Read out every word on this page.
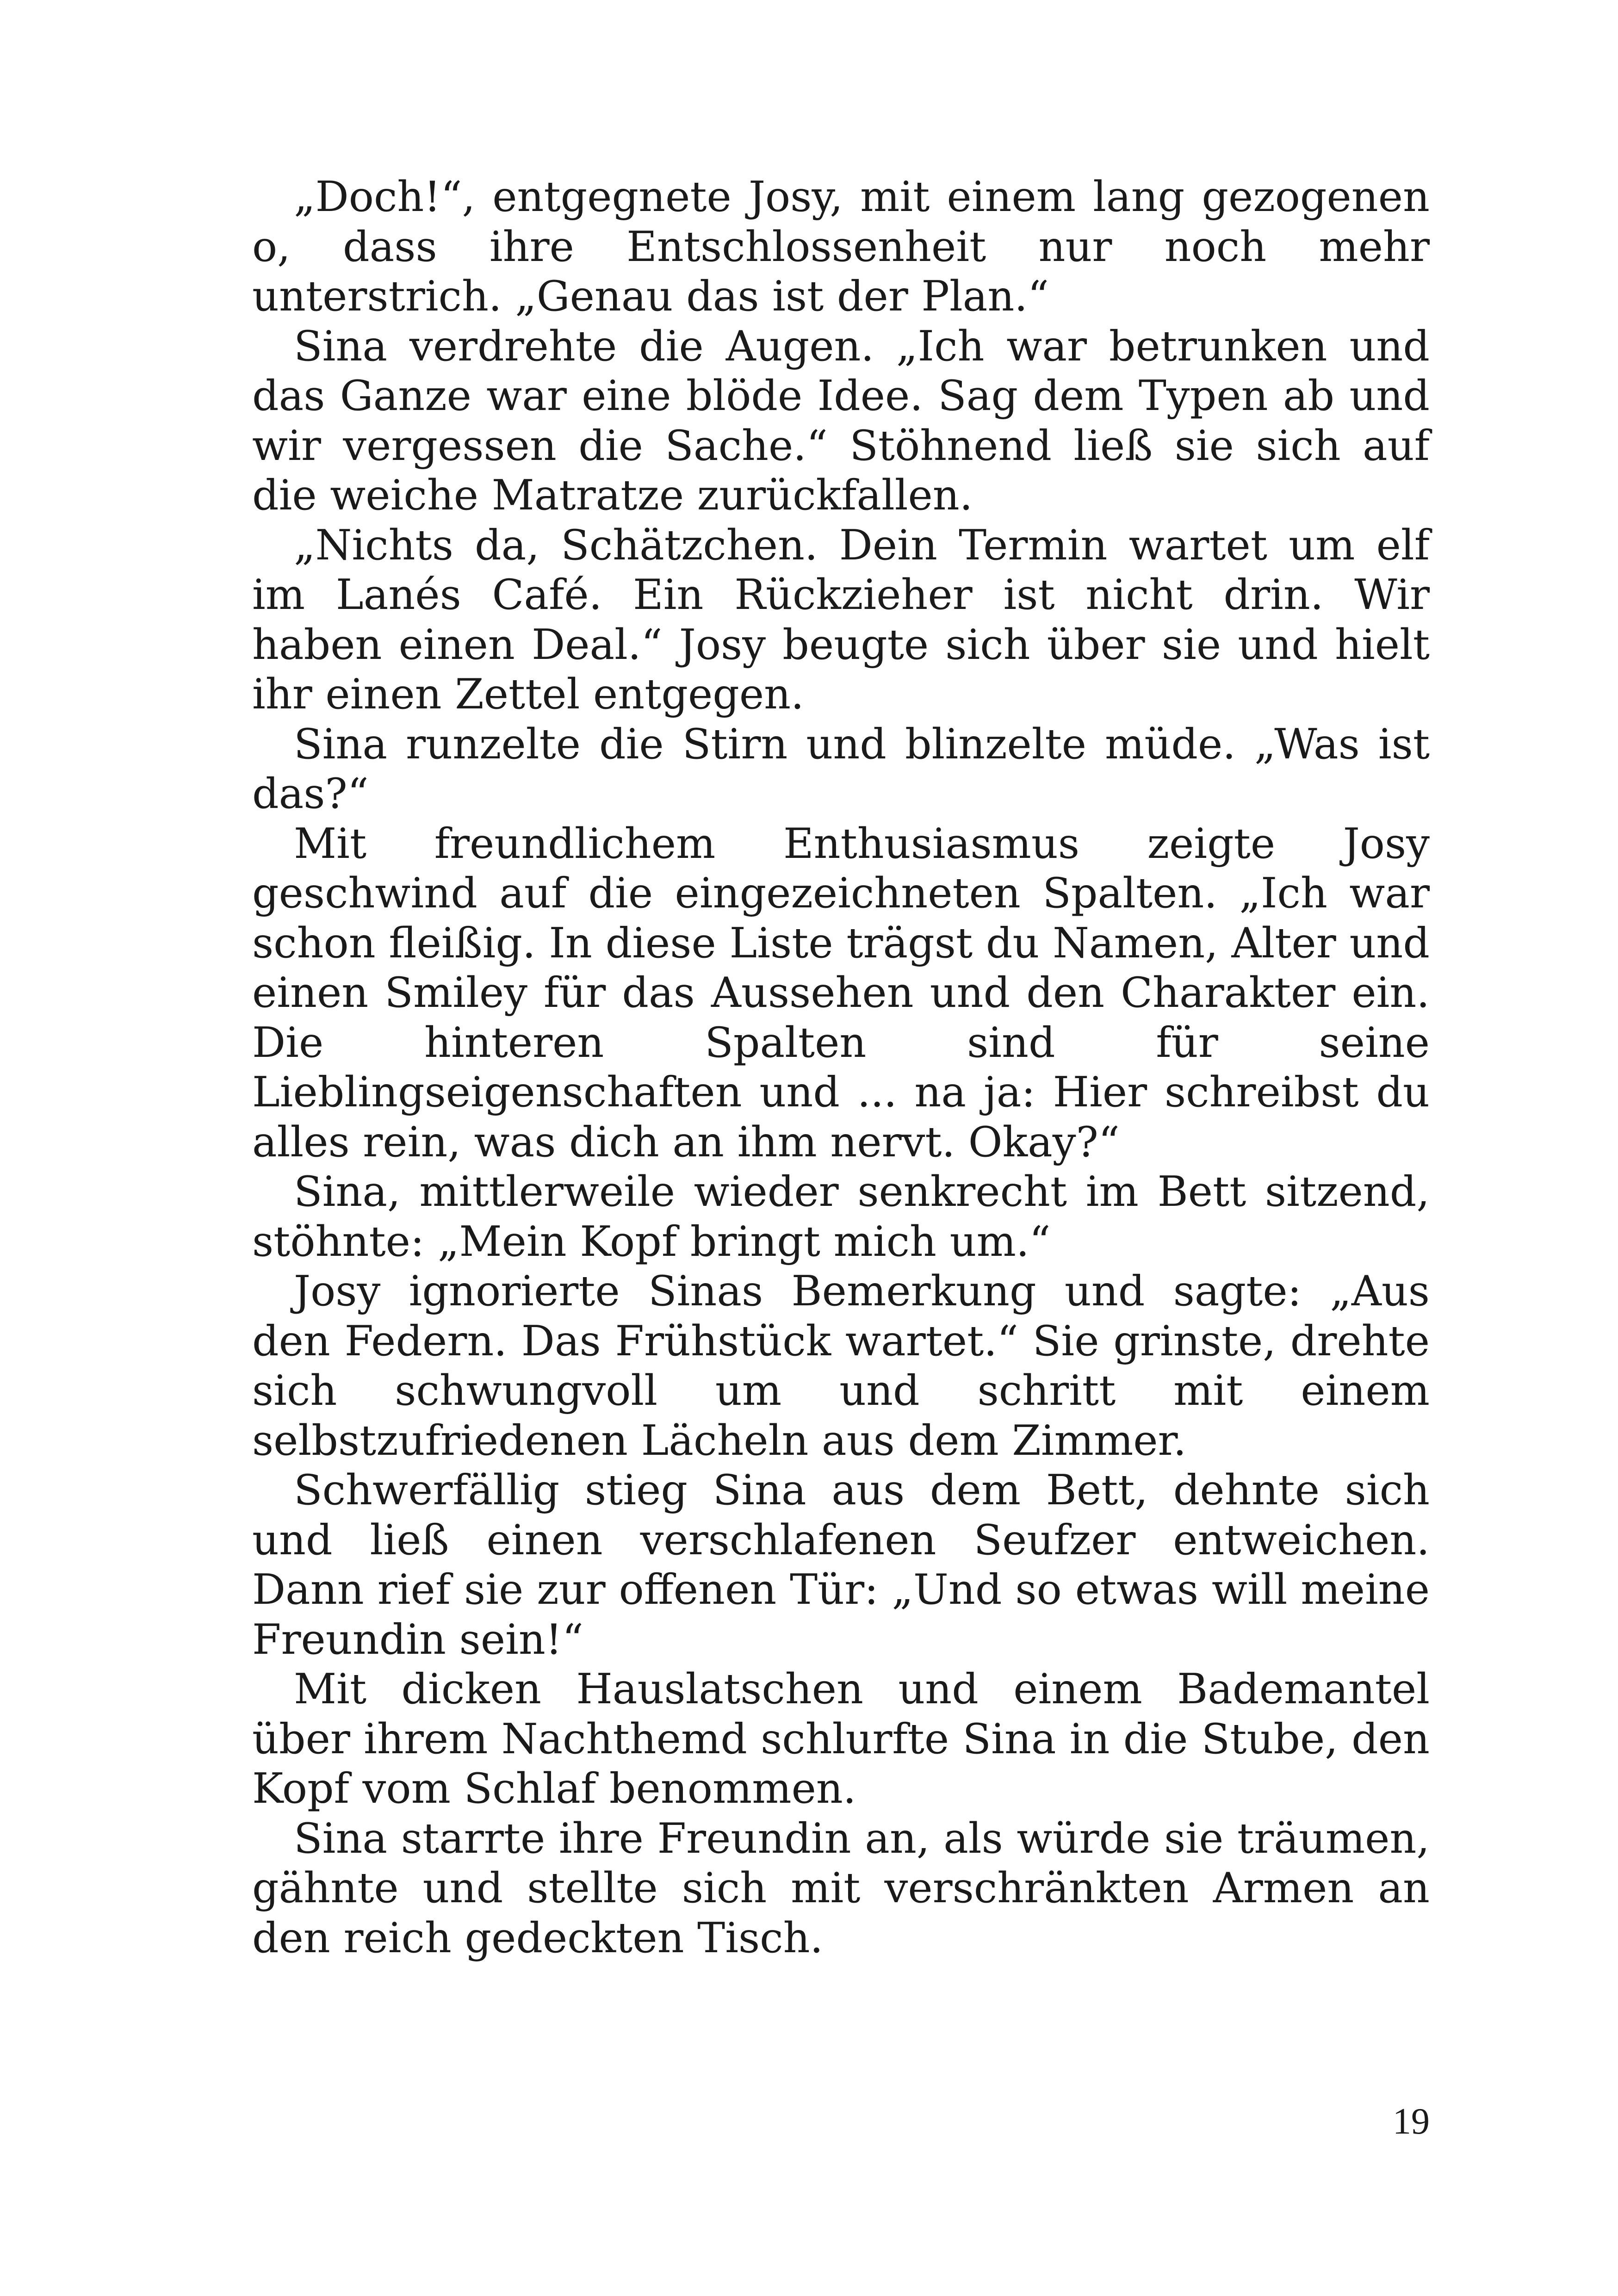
„Doch!“, entgegnete Josy, mit einem lang gezogenen o, dass ihre Entschlossenheit nur noch mehr unterstrich. „Genau das ist der Plan.“

Sina verdrehte die Augen. „Ich war betrunken und das Ganze war eine blöde Idee. Sag dem Typen ab und wir vergessen die Sache.“ Stöhnend ließ sie sich auf die weiche Matratze zurückfallen.

„Nichts da, Schätzchen. Dein Termin wartet um elf im Lanés Café. Ein Rückzieher ist nicht drin. Wir haben einen Deal.“ Josy beugte sich über sie und hielt ihr einen Zettel entgegen.

Sina runzelte die Stirn und blinzelte müde. „Was ist das?“

Mit freundlichem Enthusiasmus zeigte Josy geschwind auf die eingezeichneten Spalten. „Ich war schon fleißig. In diese Liste trägst du Namen, Alter und einen Smiley für das Aussehen und den Charakter ein. Die hinteren Spalten sind für seine Lieblingseigenschaften und ... na ja: Hier schreibst du alles rein, was dich an ihm nervt. Okay?“

Sina, mittlerweile wieder senkrecht im Bett sitzend, stöhnte: „Mein Kopf bringt mich um.“

Josy ignorierte Sinas Bemerkung und sagte: „Aus den Federn. Das Frühstück wartet.“ Sie grinste, drehte sich schwungvoll um und schritt mit einem selbstzufriedenen Lächeln aus dem Zimmer.

Schwerfällig stieg Sina aus dem Bett, dehnte sich und ließ einen verschlafenen Seufzer entweichen. Dann rief sie zur offenen Tür: „Und so etwas will meine Freundin sein!“

Mit dicken Hauslatschen und einem Bademantel über ihrem Nachthemd schlurfte Sina in die Stube, den Kopf vom Schlaf benommen.

Sina starrte ihre Freundin an, als würde sie träumen, gähnte und stellte sich mit verschränkten Armen an den reich gedeckten Tisch.

19
